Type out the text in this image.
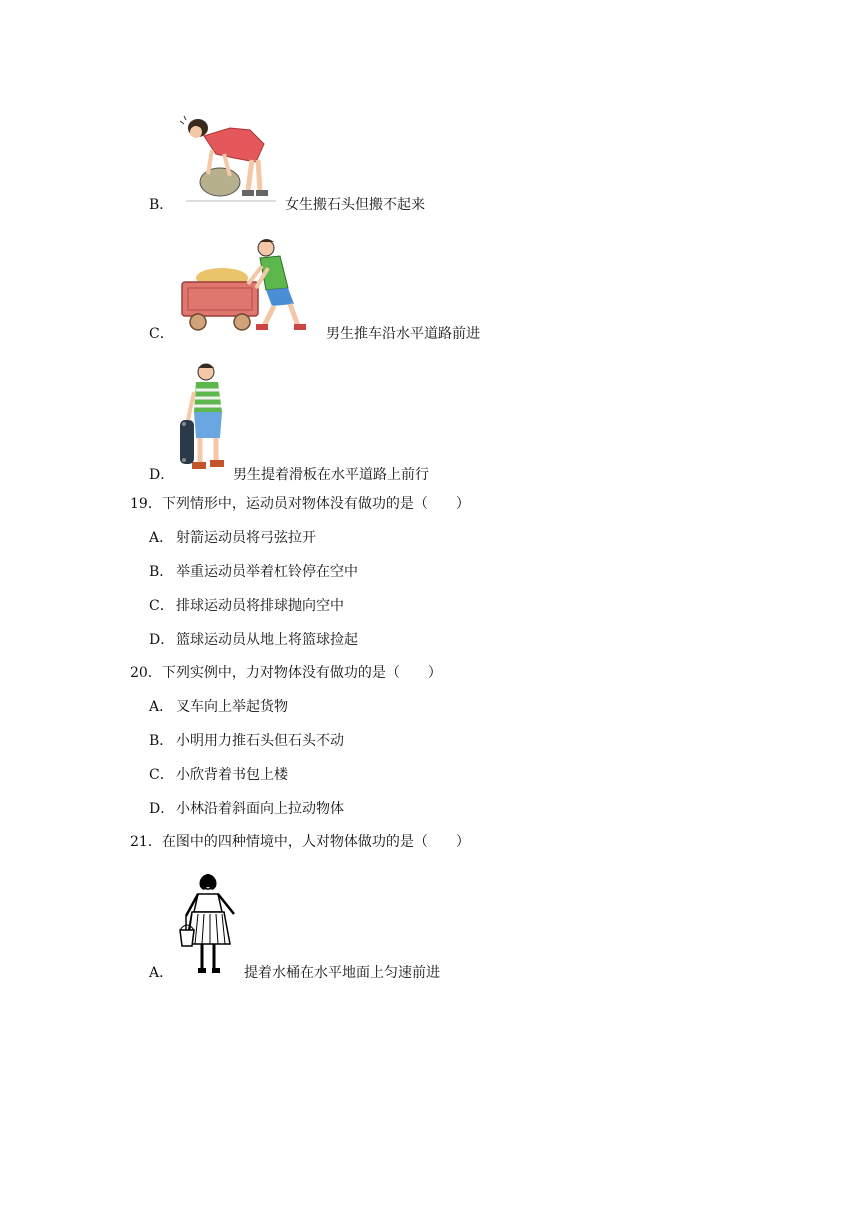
B．	女生搬石头但搬不起来
C．	男生推车沿水平道路前进
D．	男生提着滑板在水平道路上前行
19．下列情形中，运动员对物体没有做功的是（　　）
A． 射箭运动员将弓弦拉开
B． 举重运动员举着杠铃停在空中
C． 排球运动员将排球抛向空中
D． 篮球运动员从地上将篮球捡起
20．下列实例中，力对物体没有做功的是（　　）
A． 叉车向上举起货物
B． 小明用力推石头但石头不动
C． 小欣背着书包上楼
D． 小林沿着斜面向上拉动物体
21．在图中的四种情境中，人对物体做功的是（　　）
A．	提着水桶在水平地面上匀速前进
